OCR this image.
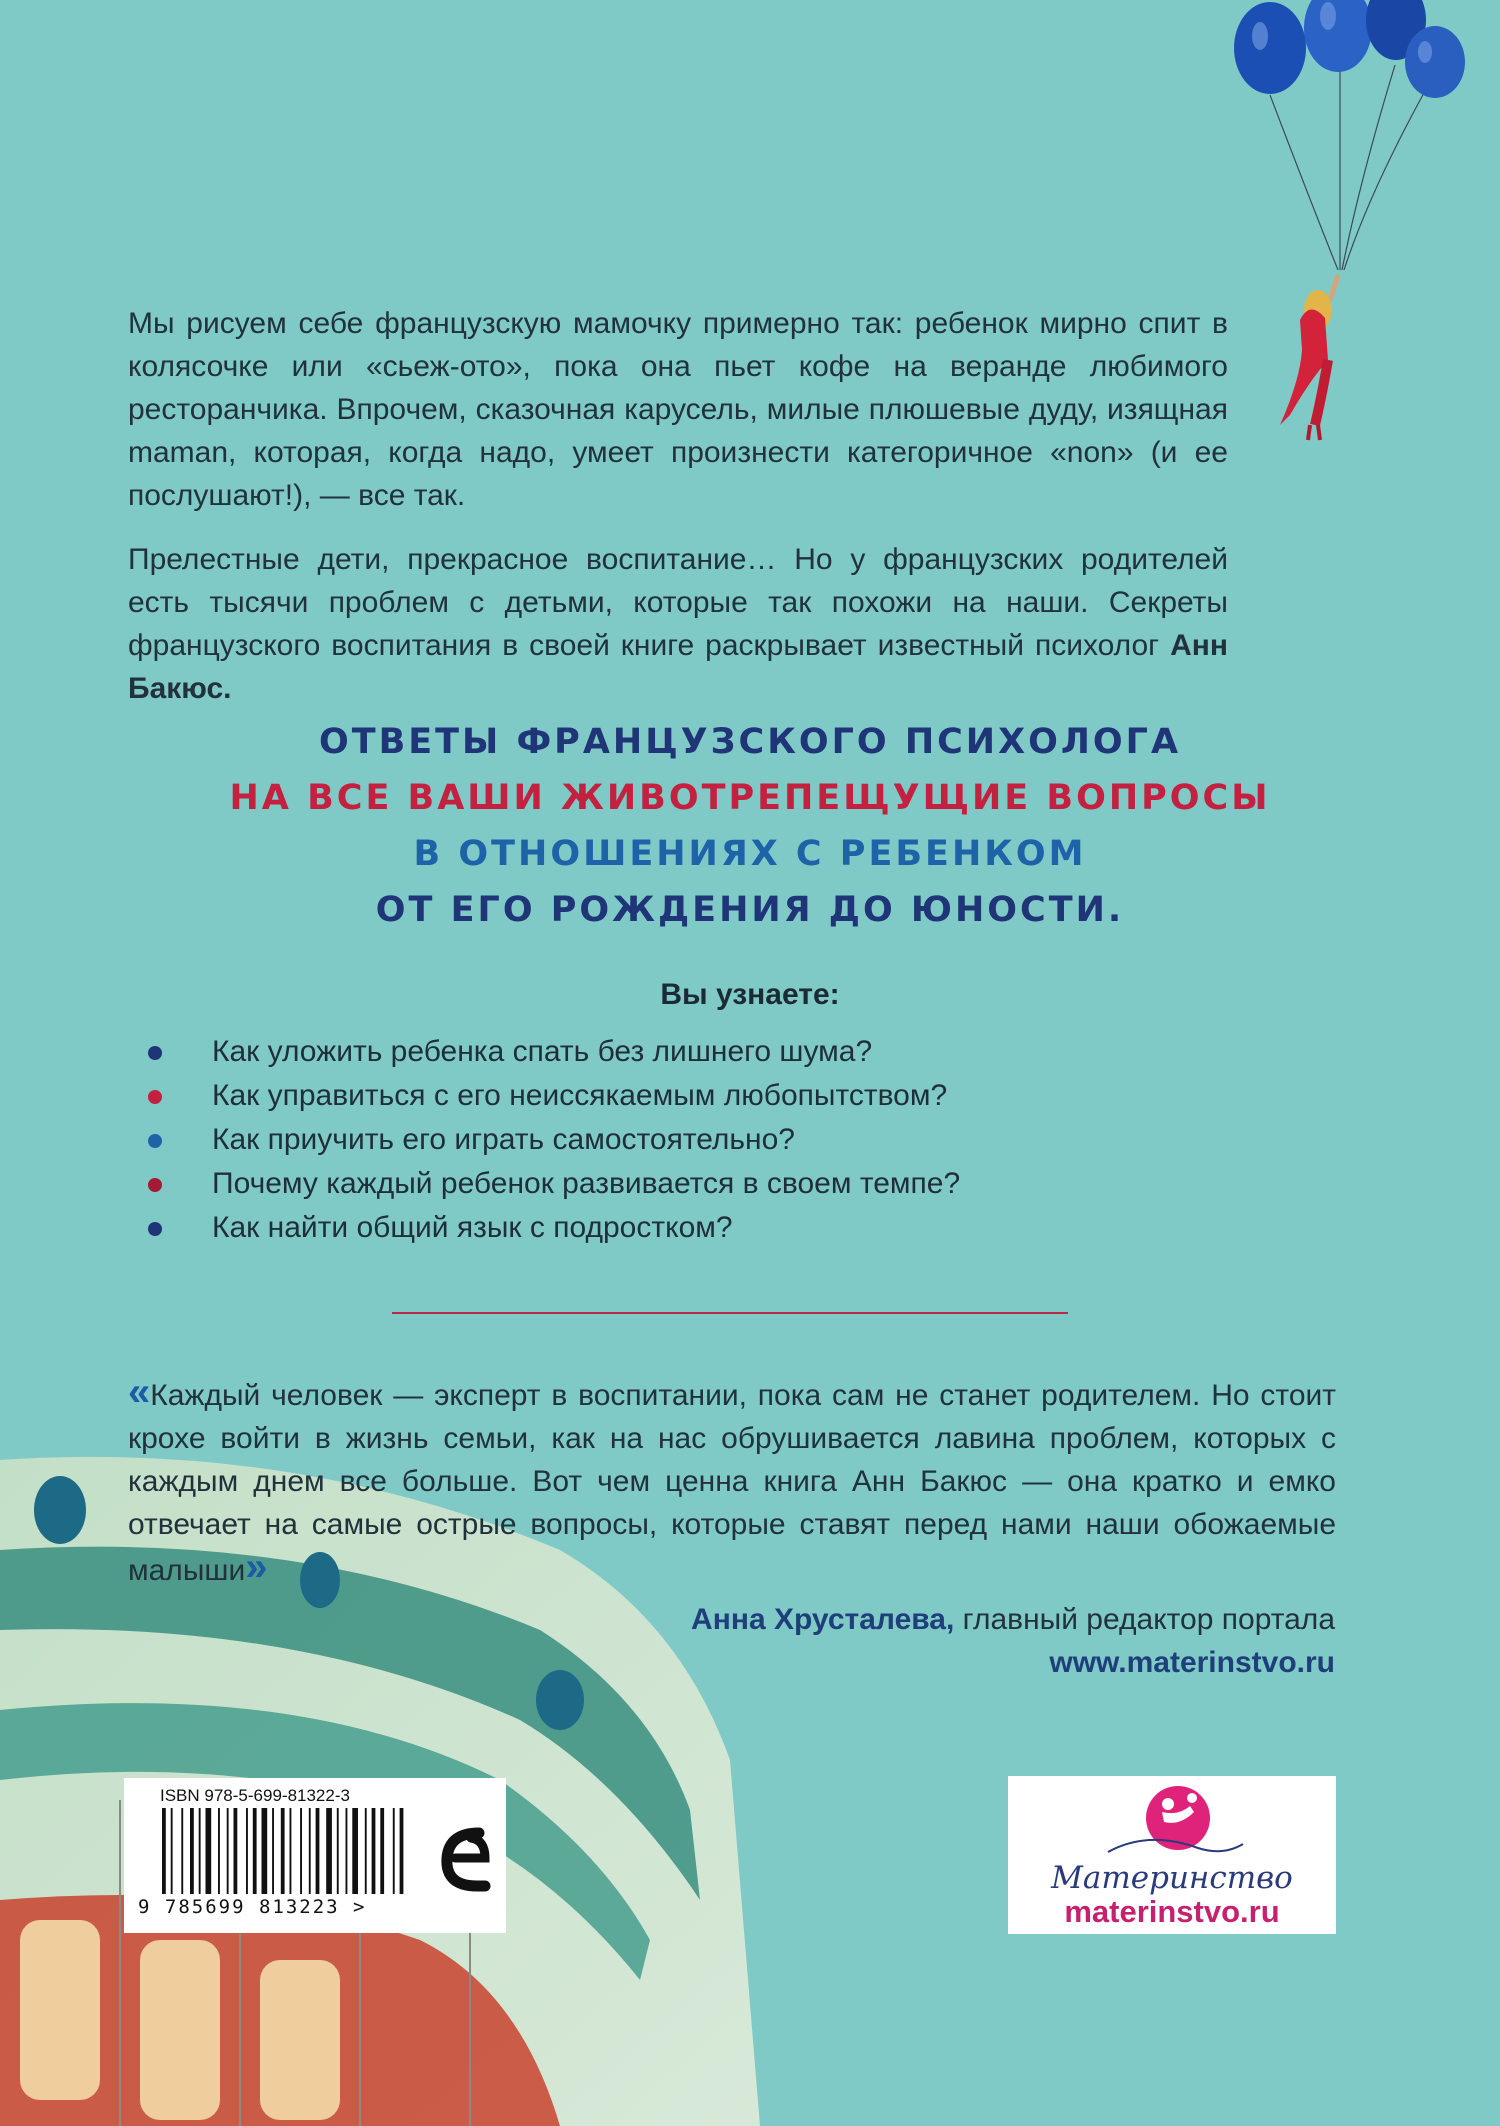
Мы рисуем себе французскую мамочку примерно так: ребенок мирно спит в колясочке или «сьеж-ото», пока она пьет кофе на веранде любимого ресторанчика. Впрочем, сказочная карусель, милые плюшевые дуду, изящная maman, которая, когда надо, умеет произнести категоричное «non» (и ее послушают!), — все так.

Прелестные дети, прекрасное воспитание… Но у французских родителей есть тысячи проблем с детьми, которые так похожи на наши. Секреты французского воспитания в своей книге раскрывает известный психолог Анн Бакюс.

ОТВЕТЫ ФРАНЦУЗСКОГО ПСИХОЛОГА

НА ВСЕ ВАШИ ЖИВОТРЕПЕЩУЩИЕ ВОПРОСЫ

В ОТНОШЕНИЯХ С РЕБЕНКОМ

ОТ ЕГО РОЖДЕНИЯ ДО ЮНОСТИ.

Вы узнаете:

Как уложить ребенка спать без лишнего шума?
Как управиться с его неиссякаемым любопытством?
Как приучить его играть самостоятельно?
Почему каждый ребенок развивается в своем темпе?
Как найти общий язык с подростком?

«Каждый человек — эксперт в воспитании, пока сам не станет родителем. Но стоит крохе войти в жизнь семьи, как на нас обрушивается лавина проблем, которых с каждым днем все больше. Вот чем ценна книга Анн Бакюс — она кратко и емко отвечает на самые острые вопросы, которые ставят перед нами наши обожаемые малыши»

Анна Хрусталева, главный редактор портала
www.materinstvo.ru

ISBN 978-5-699-81322-3
9 785699 813223 >
Материнство
materinstvo.ru
